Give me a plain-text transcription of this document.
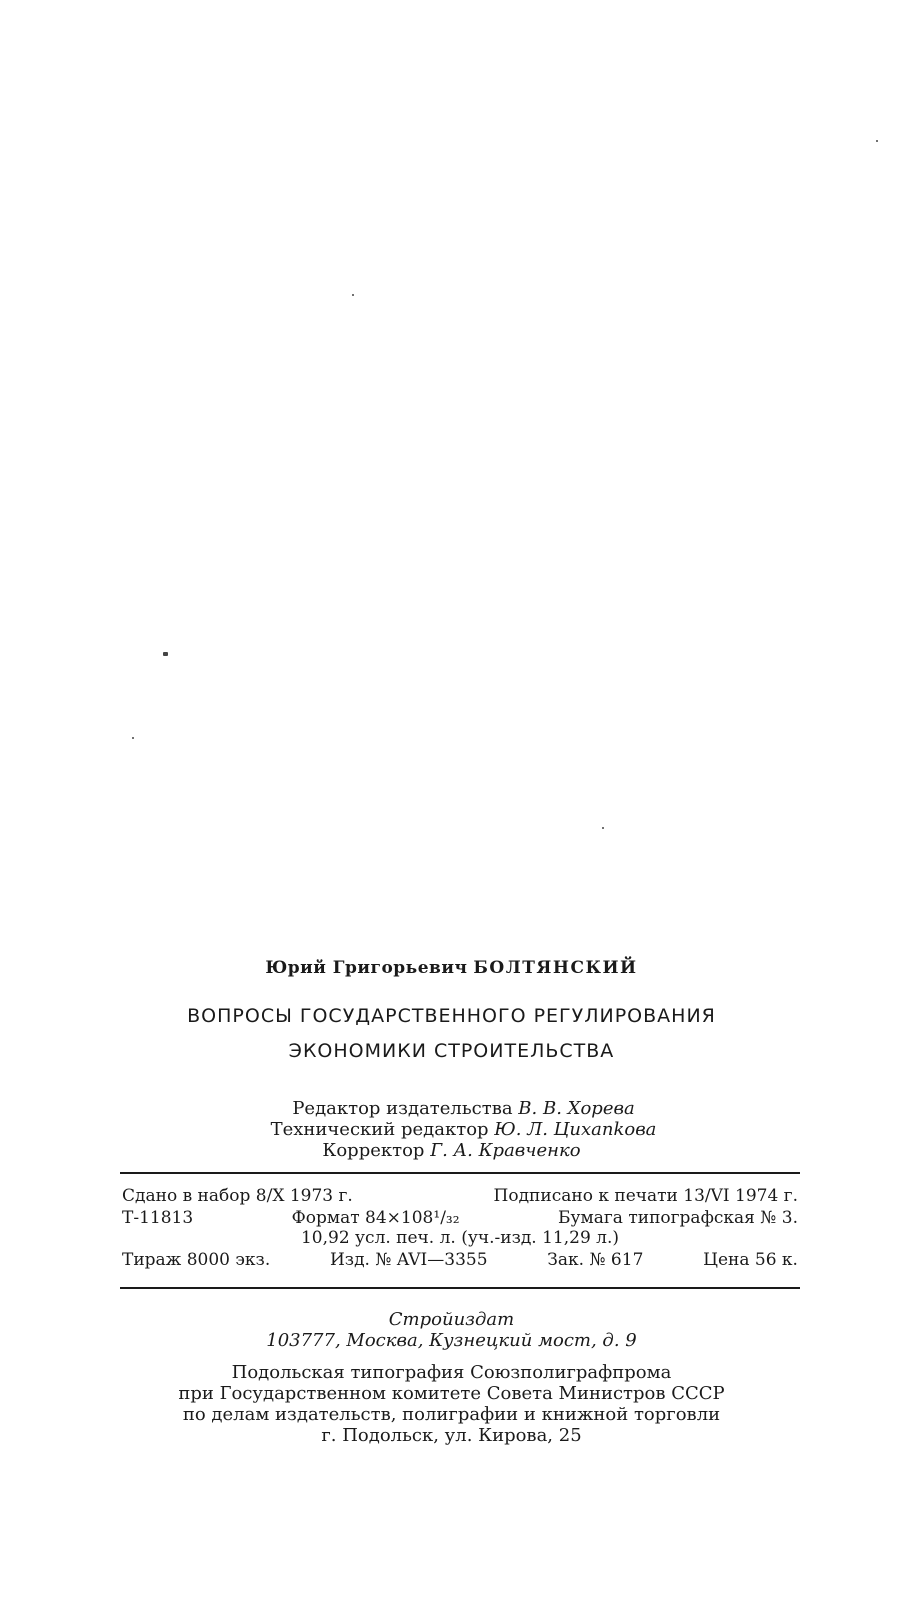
Юрий Григорьевич БОЛТЯНСКИЙ
ВОПРОСЫ ГОСУДАРСТВЕННОГО РЕГУЛИРОВАНИЯ
ЭКОНОМИКИ СТРОИТЕЛЬСТВА
Редактор издательства В. В. Хорева
Технический редактор Ю. Л. Цихankова
Корректор Г. А. Кравченко
Сдано в набор 8/X 1973 г.	Подписано к печати 13/VI 1974 г.
Т-11813	Формат 84×108¹/₃₂	Бумага типографская № 3.
10,92 усл. печ. л. (уч.-изд. 11,29 л.)
Тираж 8000 экз.	Изд. № AVI—3355	Зак. № 617	Цена 56 к.
Стройиздат
103777, Москва, Кузнецкий мост, д. 9
Подольская типография Союзполиграфпрома
при Государственном комитете Совета Министров СССР
по делам издательств, полиграфии и книжной торговли
г. Подольск, ул. Кирова, 25
